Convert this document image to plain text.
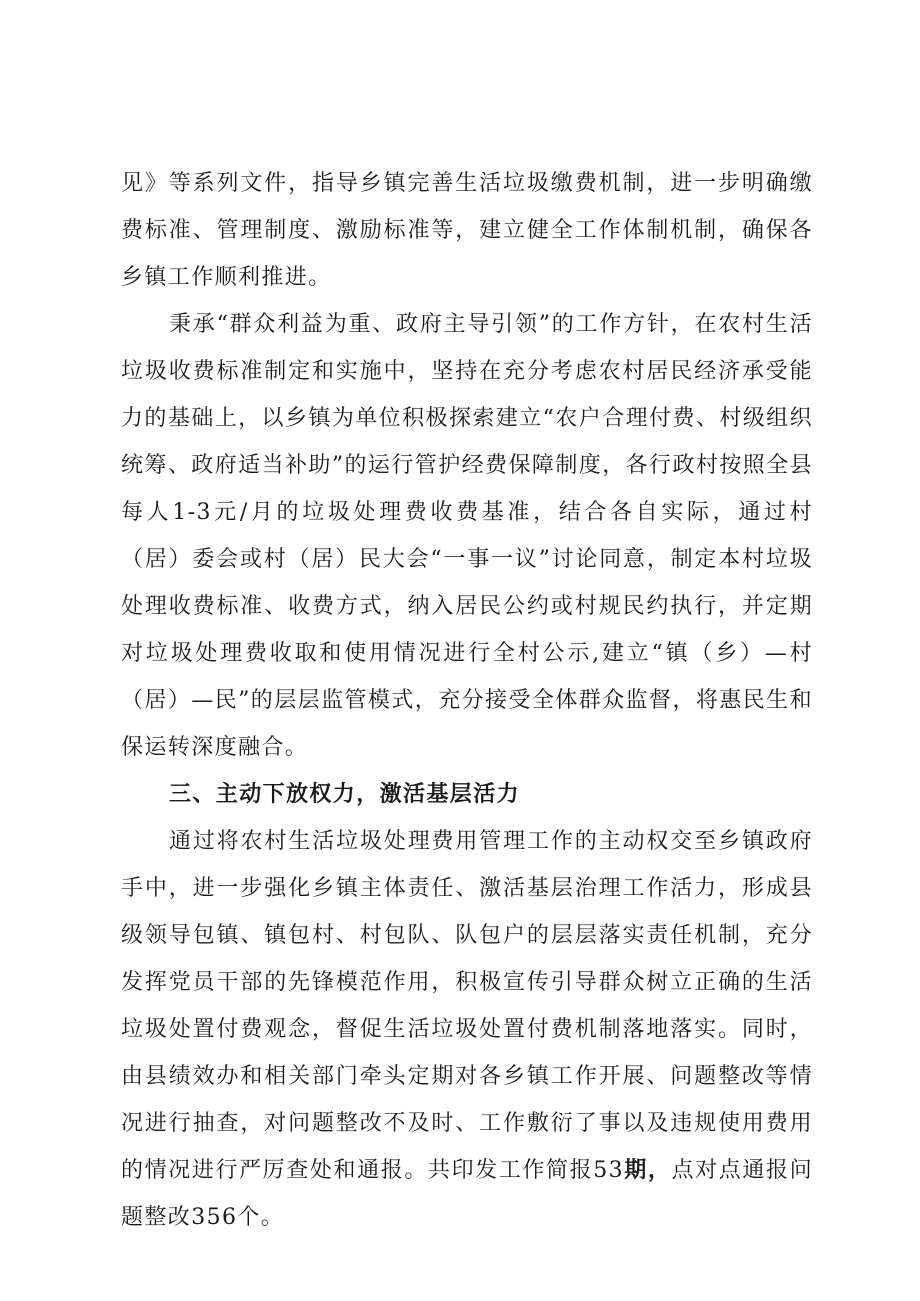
见》等系列文件，指导乡镇完善生活垃圾缴费机制，进一步明确缴费标准、管理制度、激励标准等，建立健全工作体制机制，确保各乡镇工作顺利推进。

秉承“群众利益为重、政府主导引领”的工作方针，在农村生活垃圾收费标准制定和实施中，坚持在充分考虑农村居民经济承受能力的基础上，以乡镇为单位积极探索建立“农户合理付费、村级组织统筹、政府适当补助”的运行管护经费保障制度，各行政村按照全县每人1-3元/月的垃圾处理费收费基准，结合各自实际，通过村（居）委会或村（居）民大会“一事一议”讨论同意，制定本村垃圾处理收费标准、收费方式，纳入居民公约或村规民约执行，并定期对垃圾处理费收取和使用情况进行全村公示,建立“镇（乡）—村（居）—民”的层层监管模式，充分接受全体群众监督，将惠民生和保运转深度融合。

三、主动下放权力，激活基层活力

通过将农村生活垃圾处理费用管理工作的主动权交至乡镇政府手中，进一步强化乡镇主体责任、激活基层治理工作活力，形成县级领导包镇、镇包村、村包队、队包户的层层落实责任机制，充分发挥党员干部的先锋模范作用，积极宣传引导群众树立正确的生活垃圾处置付费观念，督促生活垃圾处置付费机制落地落实。同时，由县绩效办和相关部门牵头定期对各乡镇工作开展、问题整改等情况进行抽查，对问题整改不及时、工作敷衍了事以及违规使用费用的情况进行严厉查处和通报。共印发工作简报53期，点对点通报问题整改356个。
